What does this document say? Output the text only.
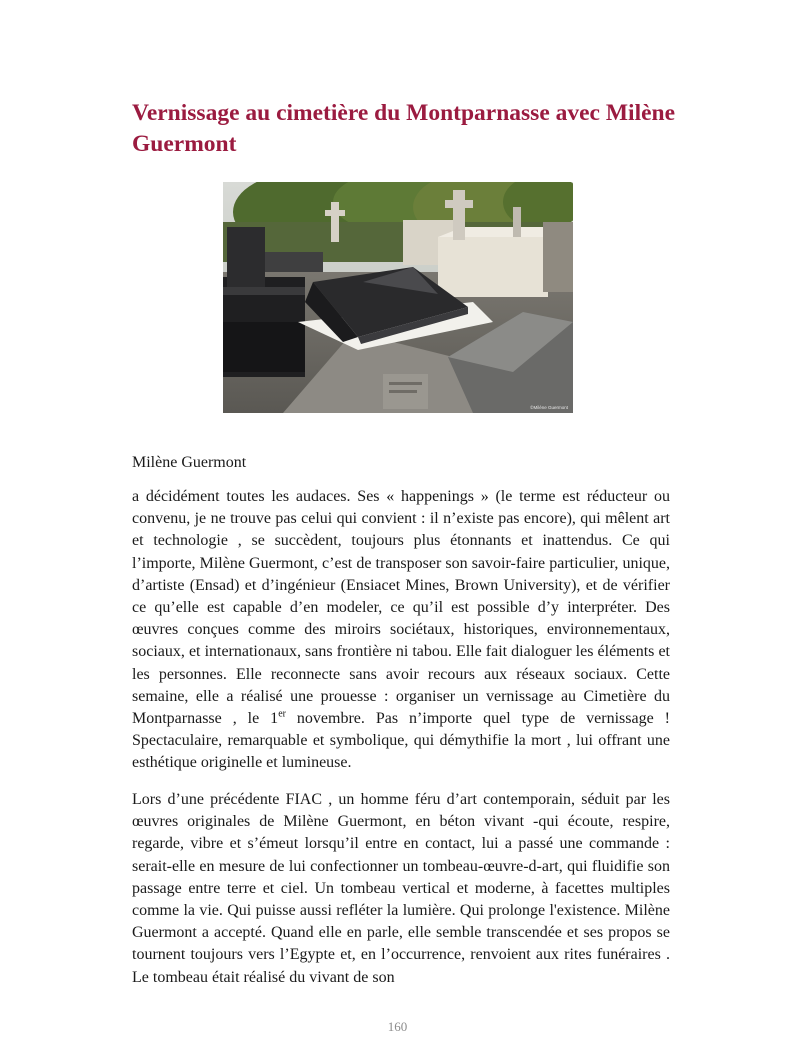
Vernissage au cimetière du Montparnasse avec Milène Guermont
©Milène Guermont

Milène Guermont

a décidément toutes les audaces. Ses « happenings » (le terme est réducteur ou convenu, je ne trouve pas celui qui convient : il n’existe pas encore), qui mêlent art et technologie , se succèdent, toujours plus étonnants et inattendus. Ce qui l’importe, Milène Guermont, c’est de transposer son savoir-faire particulier, unique, d’artiste (Ensad) et d’ingénieur (Ensiacet Mines, Brown University), et de vérifier ce qu’elle est capable d’en modeler, ce qu’il est possible d’y interpréter. Des œuvres conçues comme des miroirs sociétaux, historiques, environnementaux, sociaux, et internationaux, sans frontière ni tabou. Elle fait dialoguer les éléments et les personnes. Elle reconnecte sans avoir recours aux réseaux sociaux. Cette semaine, elle a réalisé une prouesse : organiser un vernissage au Cimetière du Montparnasse , le 1er novembre. Pas n’importe quel type de vernissage ! Spectaculaire, remarquable et symbolique, qui démythifie la mort , lui offrant une esthétique originelle et lumineuse.

Lors d’une précédente FIAC , un homme féru d’art contemporain, séduit par les œuvres originales de Milène Guermont, en béton vivant -qui écoute, respire, regarde, vibre et s’émeut lorsqu’il entre en contact, lui a passé une commande : serait-elle en mesure de lui confectionner un tombeau-œuvre-d-art, qui fluidifie son passage entre terre et ciel. Un tombeau vertical et moderne, à facettes multiples comme la vie. Qui puisse aussi refléter la lumière. Qui prolonge l'existence. Milène Guermont a accepté. Quand elle en parle, elle semble transcendée et ses propos se tournent toujours vers l’Egypte et, en l’occurrence, renvoient aux rites funéraires . Le tombeau était réalisé du vivant de son

160
